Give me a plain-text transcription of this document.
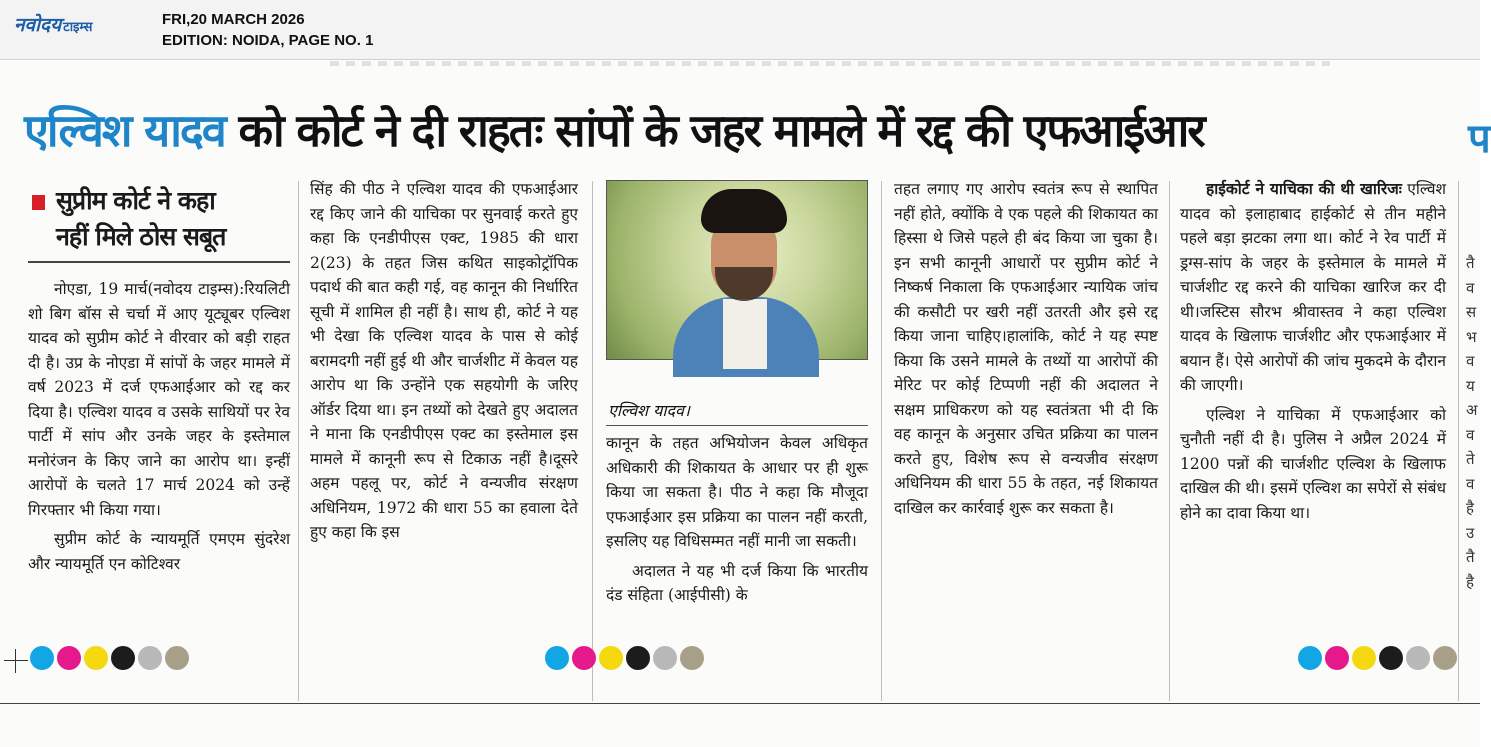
नवोदय टाइम्स	FRI,20 MARCH 2026
EDITION: NOIDA, PAGE NO. 1
एल्विश यादव को कोर्ट ने दी राहतः सांपों के जहर मामले में रद्द की एफआईआर	प
सुप्रीम कोर्ट ने कहा
नहीं मिले ठोस सबूत

नोएडा, 19 मार्च(नवोदय टाइम्स):रियलिटी शो बिग बॉस से चर्चा में आए यूट्यूबर एल्विश यादव को सुप्रीम कोर्ट ने वीरवार को बड़ी राहत दी है। उप्र के नोएडा में सांपों के जहर मामले में वर्ष 2023 में दर्ज एफआईआर को रद्द कर दिया है। एल्विश यादव व उसके साथियों पर रेव पार्टी में सांप और उनके जहर के इस्तेमाल मनोरंजन के किए जाने का आरोप था। इन्हीं आरोपों के चलते 17 मार्च 2024 को उन्हें गिरफ्तार भी किया गया।

सुप्रीम कोर्ट के न्यायमूर्ति एमएम सुंदरेश और न्यायमूर्ति एन कोटिश्वर

सिंह की पीठ ने एल्विश यादव की एफआईआर रद्द किए जाने की याचिका पर सुनवाई करते हुए कहा कि एनडीपीएस एक्ट, 1985 की धारा 2(23) के तहत जिस कथित साइकोट्रॉपिक पदार्थ की बात कही गई, वह कानून की निर्धारित सूची में शामिल ही नहीं है। साथ ही, कोर्ट ने यह भी देखा कि एल्विश यादव के पास से कोई बरामदगी नहीं हुई थी और चार्जशीट में केवल यह आरोप था कि उन्होंने एक सहयोगी के जरिए ऑर्डर दिया था। इन तथ्यों को देखते हुए अदालत ने माना कि एनडीपीएस एक्ट का इस्तेमाल इस मामले में कानूनी रूप से टिकाऊ नहीं है।दूसरे अहम पहलू पर, कोर्ट ने वन्यजीव संरक्षण अधिनियम, 1972 की धारा 55 का हवाला देते हुए कहा कि इस

एल्विश यादव।

कानून के तहत अभियोजन केवल अधिकृत अधिकारी की शिकायत के आधार पर ही शुरू किया जा सकता है। पीठ ने कहा कि मौजूदा एफआईआर इस प्रक्रिया का पालन नहीं करती, इसलिए यह विधिसम्मत नहीं मानी जा सकती।

अदालत ने यह भी दर्ज किया कि भारतीय दंड संहिता (आईपीसी) के

तहत लगाए गए आरोप स्वतंत्र रूप से स्थापित नहीं होते, क्योंकि वे एक पहले की शिकायत का हिस्सा थे जिसे पहले ही बंद किया जा चुका है।इन सभी कानूनी आधारों पर सुप्रीम कोर्ट ने निष्कर्ष निकाला कि एफआईआर न्यायिक जांच की कसौटी पर खरी नहीं उतरती और इसे रद्द किया जाना चाहिए।हालांकि, कोर्ट ने यह स्पष्ट किया कि उसने मामले के तथ्यों या आरोपों की मेरिट पर कोई टिप्पणी नहीं की अदालत ने सक्षम प्राधिकरण को यह स्वतंत्रता भी दी कि वह कानून के अनुसार उचित प्रक्रिया का पालन करते हुए, विशेष रूप से वन्यजीव संरक्षण अधिनियम की धारा 55 के तहत, नई शिकायत दाखिल कर कार्रवाई शुरू कर सकता है।

हाईकोर्ट ने याचिका की थी खारिजः एल्विश यादव को इलाहाबाद हाईकोर्ट से तीन महीने पहले बड़ा झटका लगा था। कोर्ट ने रेव पार्टी में ड्रग्स-सांप के जहर के इस्तेमाल के मामले में चार्जशीट रद्द करने की याचिका खारिज कर दी थी।जस्टिस सौरभ श्रीवास्तव ने कहा एल्विश यादव के खिलाफ चार्जशीट और एफआईआर में बयान हैं। ऐसे आरोपों की जांच मुकदमे के दौरान की जाएगी।

एल्विश ने याचिका में एफआईआर को चुनौती नहीं दी है। पुलिस ने अप्रैल 2024 में 1200 पन्नों की चार्जशीट एल्विश के खिलाफ दाखिल की थी। इसमें एल्विश का सपेरों से संबंध होने का दावा किया था।

तै व स भ व य अ व ते व है उ तै है
